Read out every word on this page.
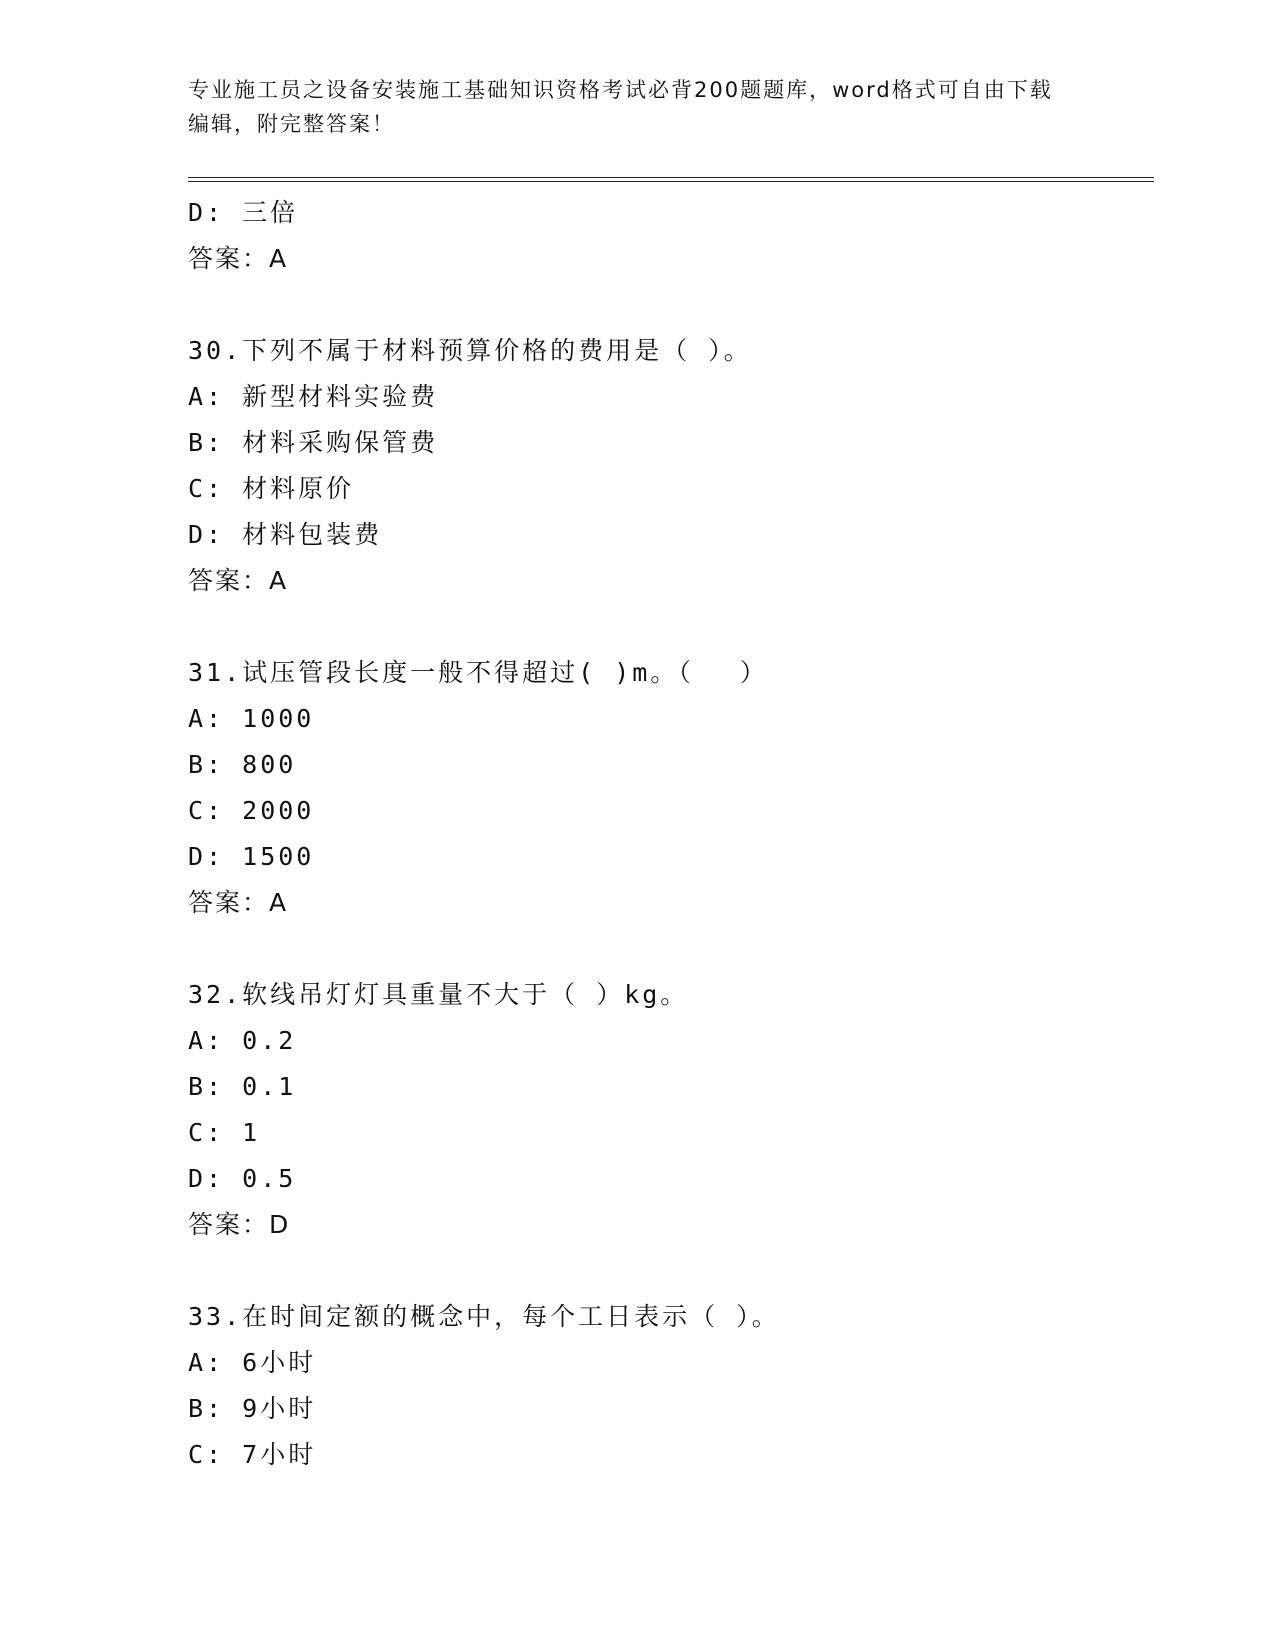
专业施工员之设备安装施工基础知识资格考试必背200题题库，word格式可自由下载编辑，附完整答案！
D: 三倍
答案：A
30.下列不属于材料预算价格的费用是（ ）。
A: 新型材料实验费
B: 材料采购保管费
C: 材料原价
D: 材料包装费
答案：A
31.试压管段长度一般不得超过( )m。（　 ）
A: 1000
B: 800
C: 2000
D: 1500
答案：A
32.软线吊灯灯具重量不大于（ ）kg。
A: 0.2
B: 0.1
C: 1
D: 0.5
答案：D
33.在时间定额的概念中，每个工日表示（ ）。
A: 6小时
B: 9小时
C: 7小时
